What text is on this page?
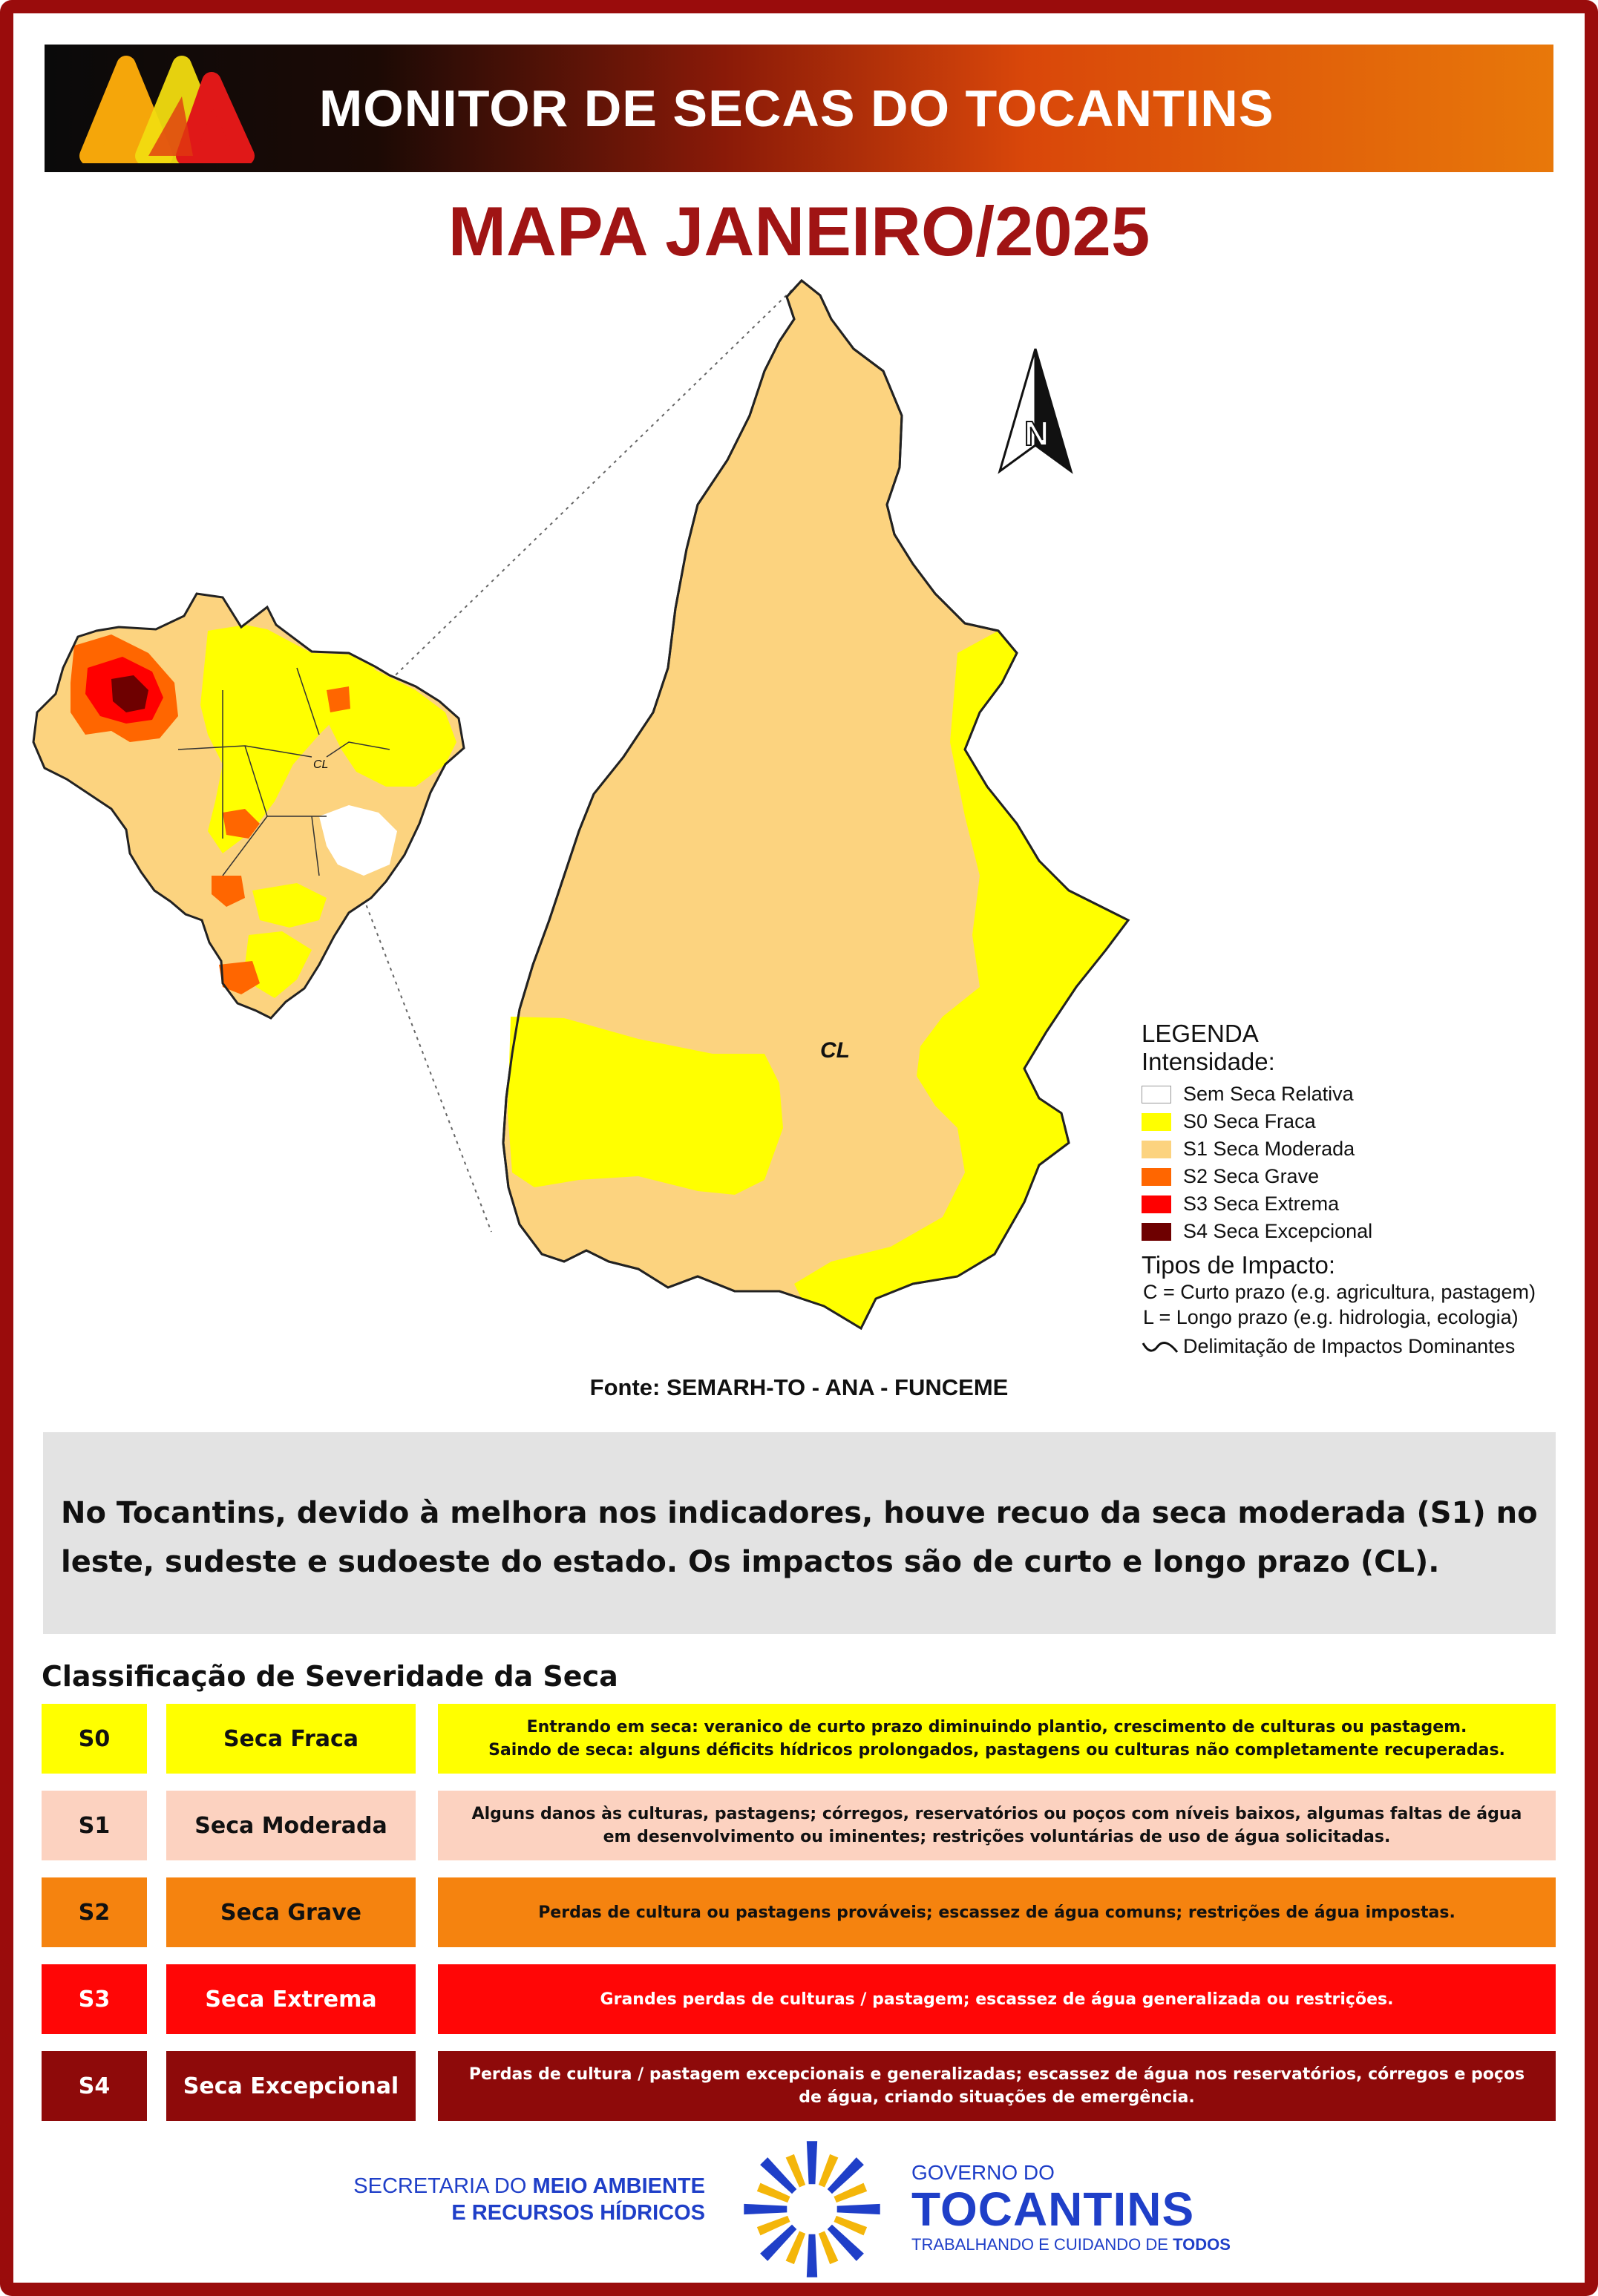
MONITOR DE SECAS DO TOCANTINS
MAPA JANEIRO/2025
CL
CL
N
LEGENDA
Intensidade:
Sem Seca Relativa
S0 Seca Fraca
S1 Seca Moderada
S2 Seca Grave
S3 Seca Extrema
S4 Seca Excepcional
Tipos de Impacto:
C = Curto prazo (e.g. agricultura, pastagem)
L = Longo prazo (e.g. hidrologia, ecologia)
Delimitação de Impactos Dominantes
Fonte: SEMARH-TO - ANA - FUNCEME

No Tocantins, devido à melhora nos indicadores, houve recuo da seca moderada (S1) no leste, sudeste e sudoeste do estado. Os impactos são de curto e longo prazo (CL).

Classificação de Severidade da Seca
S0	Seca Fraca	Entrando em seca: veranico de curto prazo diminuindo plantio, crescimento de culturas ou pastagem.
Saindo de seca: alguns déficits hídricos prolongados, pastagens ou culturas não completamente recuperadas.
S1	Seca Moderada	Alguns danos às culturas, pastagens; córregos, reservatórios ou poços com níveis baixos, algumas faltas de água em desenvolvimento ou iminentes; restrições voluntárias de uso de água solicitadas.
S2	Seca Grave	Perdas de cultura ou pastagens prováveis; escassez de água comuns; restrições de água impostas.
S3	Seca Extrema	Grandes perdas de culturas / pastagem; escassez de água generalizada ou restrições.
S4	Seca Excepcional	Perdas de cultura / pastagem excepcionais e generalizadas; escassez de água nos reservatórios, córregos e poços de água, criando situações de emergência.
SECRETARIA DO MEIO AMBIENTE
E RECURSOS HÍDRICOS
GOVERNO DO
TOCANTINS
TRABALHANDO E CUIDANDO DE TODOS
